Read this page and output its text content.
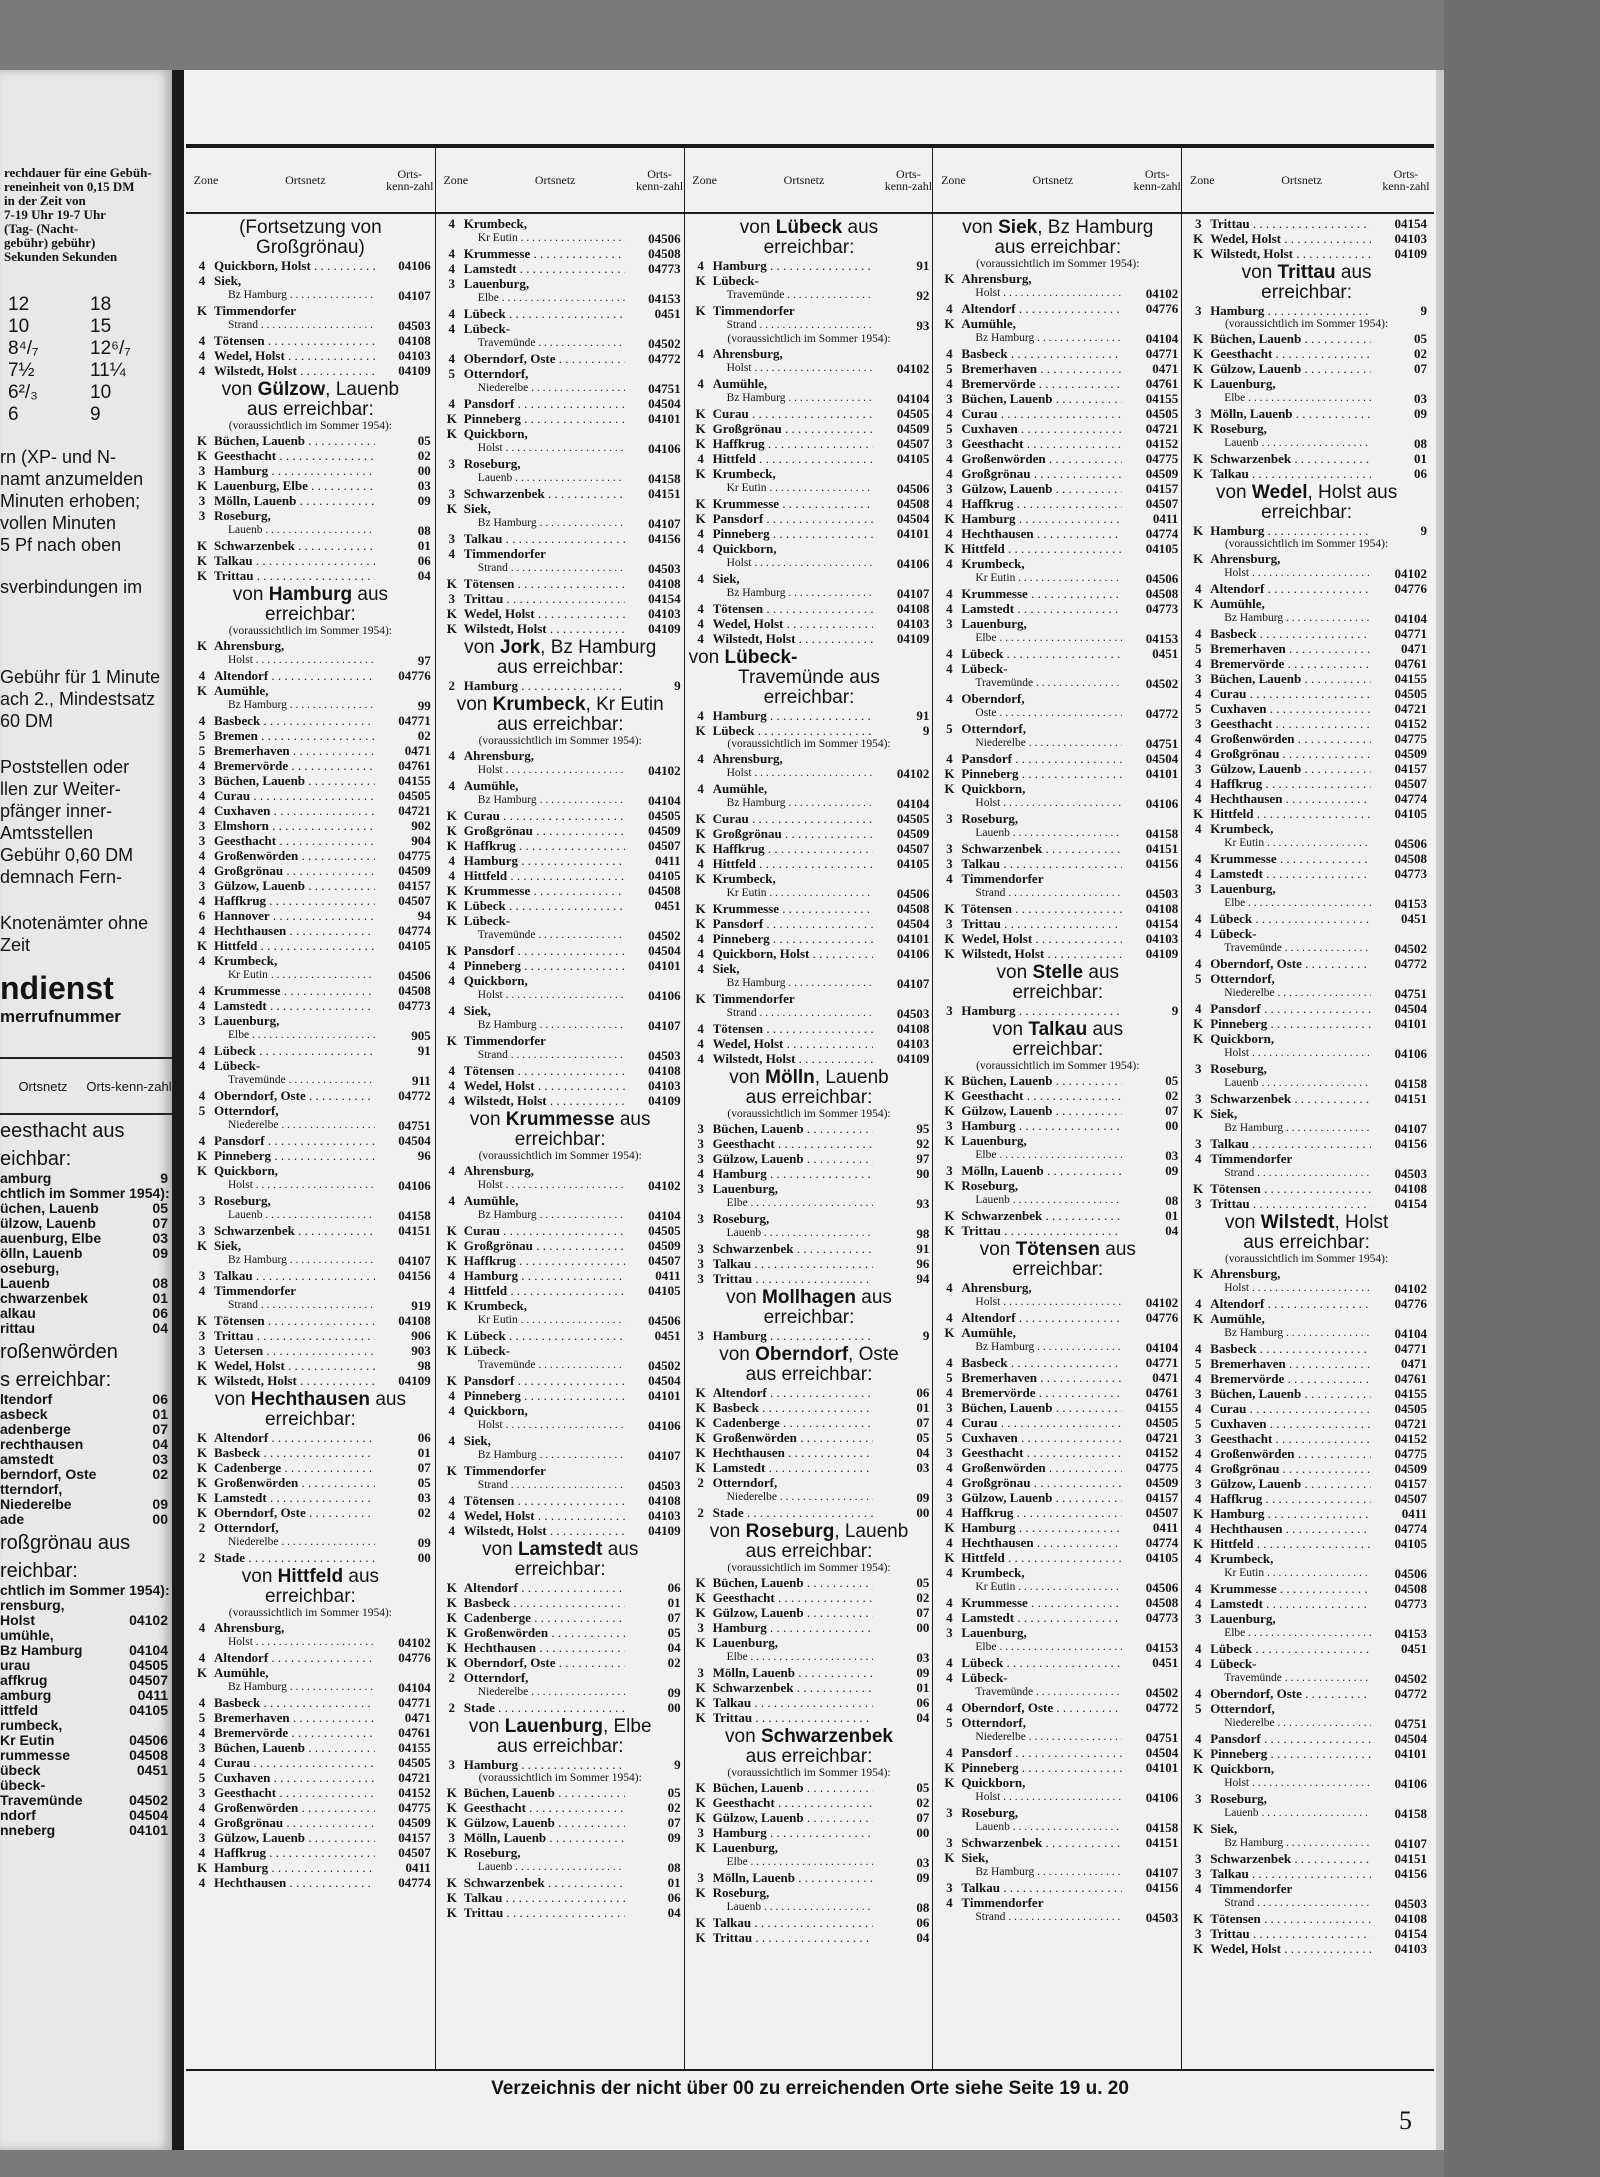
rechdauer für eine Gebüh-
reneinheit von 0,15 DM
in der Zeit von
7-19 Uhr 19-7 Uhr
(Tag- (Nacht-
gebühr) gebühr)
Sekunden Sekunden
12	18
10	15
8⁴/₇	12⁶/₇
7½	11¼
6²/₃	10
6	9
rn (XP- und N-
namt anzumelden
Minuten erhoben;
vollen Minuten
5 Pf nach oben
sverbindungen im
Gebühr für 1 Minute
ach 2., Mindestsatz
60 DM
Poststellen oder
llen zur Weiter-
pfänger inner-
Amtsstellen
Gebühr 0,60 DM
demnach Fern-
Knotenämter ohne
Zeit
ndienst
merrufnummer
Ortsnetz	Orts-kenn-zahl
eesthacht aus
eichbar:
amburg	9
chtlich im Sommer 1954):
üchen, Lauenb	05
ülzow, Lauenb	07
auenburg, Elbe	03
ölln, Lauenb	09
oseburg,
Lauenb	08
chwarzenbek	01
alkau	06
rittau	04
roßenwörden
s erreichbar:
ltendorf	06
asbeck	01
adenberge	07
rechthausen	04
amstedt	03
berndorf, Oste	02
tterndorf,
Niederelbe	09
ade	00
roßgrönau aus
reichbar:
chtlich im Sommer 1954):
rensburg,
Holst	04102
umühle,
Bz Hamburg	04104
urau	04505
affkrug	04507
amburg	0411
ittfeld	04105
rumbeck,
Kr Eutin	04506
rummesse	04508
übeck	0451
übeck-
Travemünde	04502
ndorf	04504
nneberg	04101
Zone	Ortsnetz	Orts-kenn-zahl
(Fortsetzung von
Großgrönau)
4 Quickborn, Holst . . .	04106
4 Siek,
Bz Hamburg . . .	04107
K Timmendorfer
Strand . . .	04503
4 Tötensen . . .	04108
4 Wedel, Holst . . .	04103
4 Wilstedt, Holst . . .	04109
von Gülzow, Lauenb
aus erreichbar:
(voraussichtlich im Sommer 1954):
K Büchen, Lauenb . . .	05
K Geesthacht . . .	02
3 Hamburg . . .	00
K Lauenburg, Elbe . . .	03
3 Mölln, Lauenb . . .	09
3 Roseburg,
Lauenb . . .	08
K Schwarzenbek . . .	01
K Talkau . . .	06
K Trittau . . .	04
von Hamburg aus
erreichbar:
(voraussichtlich im Sommer 1954):
K Ahrensburg,
Holst . . .	97
4 Altendorf . . .	04776
K Aumühle,
Bz Hamburg . . .	99
4 Basbeck . . .	04771
5 Bremen . . .	02
5 Bremerhaven . . .	0471
4 Bremervörde . . .	04761
3 Büchen, Lauenb . . .	04155
4 Curau . . .	04505
4 Cuxhaven . . .	04721
3 Elmshorn . . .	902
3 Geesthacht . . .	904
4 Großenwörden . . .	04775
4 Großgrönau . . .	04509
3 Gülzow, Lauenb . . .	04157
4 Haffkrug . . .	04507
6 Hannover . . .	94
4 Hechthausen . . .	04774
K Hittfeld . . .	04105
4 Krumbeck,
Kr Eutin . . .	04506
4 Krummesse . . .	04508
4 Lamstedt . . .	04773
3 Lauenburg,
Elbe . . .	905
4 Lübeck . . .	91
4 Lübeck-
Travemünde . . .	911
4 Oberndorf, Oste . . .	04772
5 Otterndorf,
Niederelbe . . .	04751
4 Pansdorf . . .	04504
K Pinneberg . . .	96
K Quickborn,
Holst . . .	04106
3 Roseburg,
Lauenb . . .	04158
3 Schwarzenbek . . .	04151
K Siek,
Bz Hamburg . . .	04107
3 Talkau . . .	04156
4 Timmendorfer
Strand . . .	919
K Tötensen . . .	04108
3 Trittau . . .	906
3 Uetersen . . .	903
K Wedel, Holst . . .	98
K Wilstedt, Holst . . .	04109
von Hechthausen aus
erreichbar:
K Altendorf . . .	06
K Basbeck . . .	01
K Cadenberge . . .	07
K Großenwörden . . .	05
K Lamstedt . . .	03
K Oberndorf, Oste . . .	02
2 Otterndorf,
Niederelbe . . .	09
2 Stade . . .	00
von Hittfeld aus
erreichbar:
(voraussichtlich im Sommer 1954):
4 Ahrensburg,
Holst . . .	04102
4 Altendorf . . .	04776
K Aumühle,
Bz Hamburg . . .	04104
4 Basbeck . . .	04771
5 Bremerhaven . . .	0471
4 Bremervörde . . .	04761
3 Büchen, Lauenb . . .	04155
4 Curau . . .	04505
5 Cuxhaven . . .	04721
3 Geesthacht . . .	04152
4 Großenwörden . . .	04775
4 Großgrönau . . .	04509
3 Gülzow, Lauenb . . .	04157
4 Haffkrug . . .	04507
K Hamburg . . .	0411
4 Hechthausen . . .	04774
Zone	Ortsnetz	Orts-kenn-zahl
4 Krumbeck,
Kr Eutin . . .	04506
4 Krummesse . . .	04508
4 Lamstedt . . .	04773
3 Lauenburg,
Elbe . . .	04153
4 Lübeck . . .	0451
4 Lübeck-
Travemünde . . .	04502
4 Oberndorf, Oste . . .	04772
5 Otterndorf,
Niederelbe . . .	04751
4 Pansdorf . . .	04504
K Pinneberg . . .	04101
K Quickborn,
Holst . . .	04106
3 Roseburg,
Lauenb . . .	04158
3 Schwarzenbek . . .	04151
K Siek,
Bz Hamburg . . .	04107
3 Talkau . . .	04156
4 Timmendorfer
Strand . . .	04503
K Tötensen . . .	04108
3 Trittau . . .	04154
K Wedel, Holst . . .	04103
K Wilstedt, Holst . . .	04109
von Jork, Bz Hamburg
aus erreichbar:
2 Hamburg . . .	9
von Krumbeck, Kr Eutin
aus erreichbar:
(voraussichtlich im Sommer 1954):
4 Ahrensburg,
Holst . . .	04102
4 Aumühle,
Bz Hamburg . . .	04104
K Curau . . .	04505
K Großgrönau . . .	04509
K Haffkrug . . .	04507
4 Hamburg . . .	0411
4 Hittfeld . . .	04105
K Krummesse . . .	04508
K Lübeck . . .	0451
K Lübeck-
Travemünde . . .	04502
K Pansdorf . . .	04504
4 Pinneberg . . .	04101
4 Quickborn,
Holst . . .	04106
4 Siek,
Bz Hamburg . . .	04107
K Timmendorfer
Strand . . .	04503
4 Tötensen . . .	04108
4 Wedel, Holst . . .	04103
4 Wilstedt, Holst . . .	04109
von Krummesse aus
erreichbar:
(voraussichtlich im Sommer 1954):
4 Ahrensburg,
Holst . . .	04102
4 Aumühle,
Bz Hamburg . . .	04104
K Curau . . .	04505
K Großgrönau . . .	04509
K Haffkrug . . .	04507
4 Hamburg . . .	0411
4 Hittfeld . . .	04105
K Krumbeck,
Kr Eutin . . .	04506
K Lübeck . . .	0451
K Lübeck-
Travemünde . . .	04502
K Pansdorf . . .	04504
4 Pinneberg . . .	04101
4 Quickborn,
Holst . . .	04106
4 Siek,
Bz Hamburg . . .	04107
K Timmendorfer
Strand . . .	04503
4 Tötensen . . .	04108
4 Wedel, Holst . . .	04103
4 Wilstedt, Holst . . .	04109
von Lamstedt aus
erreichbar:
K Altendorf . . .	06
K Basbeck . . .	01
K Cadenberge . . .	07
K Großenwörden . . .	05
K Hechthausen . . .	04
K Oberndorf, Oste . . .	02
2 Otterndorf,
Niederelbe . . .	09
2 Stade . . .	00
von Lauenburg, Elbe
aus erreichbar:
3 Hamburg . . .	9
(voraussichtlich im Sommer 1954):
K Büchen, Lauenb . . .	05
K Geesthacht . . .	02
K Gülzow, Lauenb . . .	07
3 Mölln, Lauenb . . .	09
K Roseburg,
Lauenb . . .	08
K Schwarzenbek . . .	01
K Talkau . . .	06
K Trittau . . .	04
Zone	Ortsnetz	Orts-kenn-zahl
von Lübeck aus
erreichbar:
4 Hamburg . . .	91
K Lübeck-
Travemünde . . .	92
K Timmendorfer
Strand . . .	93
(voraussichtlich im Sommer 1954):
4 Ahrensburg,
Holst . . .	04102
4 Aumühle,
Bz Hamburg . . .	04104
K Curau . . .	04505
K Großgrönau . . .	04509
K Haffkrug . . .	04507
4 Hittfeld . . .	04105
K Krumbeck,
Kr Eutin . . .	04506
K Krummesse . . .	04508
K Pansdorf . . .	04504
4 Pinneberg . . .	04101
4 Quickborn,
Holst . . .	04106
4 Siek,
Bz Hamburg . . .	04107
4 Tötensen . . .	04108
4 Wedel, Holst . . .	04103
4 Wilstedt, Holst . . .	04109
von Lübeck-
Travemünde aus
erreichbar:
4 Hamburg . . .	91
K Lübeck . . .	9
(voraussichtlich im Sommer 1954):
4 Ahrensburg,
Holst . . .	04102
4 Aumühle,
Bz Hamburg . . .	04104
K Curau . . .	04505
K Großgrönau . . .	04509
K Haffkrug . . .	04507
4 Hittfeld . . .	04105
K Krumbeck,
Kr Eutin . . .	04506
K Krummesse . . .	04508
K Pansdorf . . .	04504
4 Pinneberg . . .	04101
4 Quickborn, Holst . . .	04106
4 Siek,
Bz Hamburg . . .	04107
K Timmendorfer
Strand . . .	04503
4 Tötensen . . .	04108
4 Wedel, Holst . . .	04103
4 Wilstedt, Holst . . .	04109
von Mölln, Lauenb
aus erreichbar:
(voraussichtlich im Sommer 1954):
3 Büchen, Lauenb . . .	95
3 Geesthacht . . .	92
3 Gülzow, Lauenb . . .	97
4 Hamburg . . .	90
3 Lauenburg,
Elbe . . .	93
3 Roseburg,
Lauenb . . .	98
3 Schwarzenbek . . .	91
3 Talkau . . .	96
3 Trittau . . .	94
von Mollhagen aus
erreichbar:
3 Hamburg . . .	9
von Oberndorf, Oste
aus erreichbar:
K Altendorf . . .	06
K Basbeck . . .	01
K Cadenberge . . .	07
K Großenwörden . . .	05
K Hechthausen . . .	04
K Lamstedt . . .	03
2 Otterndorf,
Niederelbe . . .	09
2 Stade . . .	00
von Roseburg, Lauenb
aus erreichbar:
(voraussichtlich im Sommer 1954):
K Büchen, Lauenb . . .	05
K Geesthacht . . .	02
K Gülzow, Lauenb . . .	07
3 Hamburg . . .	00
K Lauenburg,
Elbe . . .	03
3 Mölln, Lauenb . . .	09
K Schwarzenbek . . .	01
K Talkau . . .	06
K Trittau . . .	04
von Schwarzenbek
aus erreichbar:
(voraussichtlich im Sommer 1954):
K Büchen, Lauenb . . .	05
K Geesthacht . . .	02
K Gülzow, Lauenb . . .	07
3 Hamburg . . .	00
K Lauenburg,
Elbe . . .	03
3 Mölln, Lauenb . . .	09
K Roseburg,
Lauenb . . .	08
K Talkau . . .	06
K Trittau . . .	04
Zone	Ortsnetz	Orts-kenn-zahl
von Siek, Bz Hamburg
aus erreichbar:
(voraussichtlich im Sommer 1954):
K Ahrensburg,
Holst . . .	04102
4 Altendorf . . .	04776
K Aumühle,
Bz Hamburg . . .	04104
4 Basbeck . . .	04771
5 Bremerhaven . . .	0471
4 Bremervörde . . .	04761
3 Büchen, Lauenb . . .	04155
4 Curau . . .	04505
5 Cuxhaven . . .	04721
3 Geesthacht . . .	04152
4 Großenwörden . . .	04775
4 Großgrönau . . .	04509
3 Gülzow, Lauenb . . .	04157
4 Haffkrug . . .	04507
K Hamburg . . .	0411
4 Hechthausen . . .	04774
K Hittfeld . . .	04105
4 Krumbeck,
Kr Eutin . . .	04506
4 Krummesse . . .	04508
4 Lamstedt . . .	04773
3 Lauenburg,
Elbe . . .	04153
4 Lübeck . . .	0451
4 Lübeck-
Travemünde . . .	04502
4 Oberndorf,
Oste . . .	04772
5 Otterndorf,
Niederelbe . . .	04751
4 Pansdorf . . .	04504
K Pinneberg . . .	04101
K Quickborn,
Holst . . .	04106
3 Roseburg,
Lauenb . . .	04158
3 Schwarzenbek . . .	04151
3 Talkau . . .	04156
4 Timmendorfer
Strand . . .	04503
K Tötensen . . .	04108
3 Trittau . . .	04154
K Wedel, Holst . . .	04103
K Wilstedt, Holst . . .	04109
von Stelle aus
erreichbar:
3 Hamburg . . .	9
von Talkau aus
erreichbar:
(voraussichtlich im Sommer 1954):
K Büchen, Lauenb . . .	05
K Geesthacht . . .	02
K Gülzow, Lauenb . . .	07
3 Hamburg . . .	00
K Lauenburg,
Elbe . . .	03
3 Mölln, Lauenb . . .	09
K Roseburg,
Lauenb . . .	08
K Schwarzenbek . . .	01
K Trittau . . .	04
von Tötensen aus
erreichbar:
4 Ahrensburg,
Holst . . .	04102
4 Altendorf . . .	04776
K Aumühle,
Bz Hamburg . . .	04104
4 Basbeck . . .	04771
5 Bremerhaven . . .	0471
4 Bremervörde . . .	04761
3 Büchen, Lauenb . . .	04155
4 Curau . . .	04505
5 Cuxhaven . . .	04721
3 Geesthacht . . .	04152
4 Großenwörden . . .	04775
4 Großgrönau . . .	04509
3 Gülzow, Lauenb . . .	04157
4 Haffkrug . . .	04507
K Hamburg . . .	0411
4 Hechthausen . . .	04774
K Hittfeld . . .	04105
4 Krumbeck,
Kr Eutin . . .	04506
4 Krummesse . . .	04508
4 Lamstedt . . .	04773
3 Lauenburg,
Elbe . . .	04153
4 Lübeck . . .	0451
4 Lübeck-
Travemünde . . .	04502
4 Oberndorf, Oste . . .	04772
5 Otterndorf,
Niederelbe . . .	04751
4 Pansdorf . . .	04504
K Pinneberg . . .	04101
K Quickborn,
Holst . . .	04106
3 Roseburg,
Lauenb . . .	04158
3 Schwarzenbek . . .	04151
K Siek,
Bz Hamburg . . .	04107
3 Talkau . . .	04156
4 Timmendorfer
Strand . . .	04503
Zone	Ortsnetz	Orts-kenn-zahl
3 Trittau . . .	04154
K Wedel, Holst . . .	04103
K Wilstedt, Holst . . .	04109
von Trittau aus
erreichbar:
3 Hamburg . . .	9
(voraussichtlich im Sommer 1954):
K Büchen, Lauenb . . .	05
K Geesthacht . . .	02
K Gülzow, Lauenb . . .	07
K Lauenburg,
Elbe . . .	03
3 Mölln, Lauenb . . .	09
K Roseburg,
Lauenb . . .	08
K Schwarzenbek . . .	01
K Talkau . . .	06
von Wedel, Holst aus
erreichbar:
K Hamburg . . .	9
(voraussichtlich im Sommer 1954):
K Ahrensburg,
Holst . . .	04102
4 Altendorf . . .	04776
K Aumühle,
Bz Hamburg . . .	04104
4 Basbeck . . .	04771
5 Bremerhaven . . .	0471
4 Bremervörde . . .	04761
3 Büchen, Lauenb . . .	04155
4 Curau . . .	04505
5 Cuxhaven . . .	04721
3 Geesthacht . . .	04152
4 Großenwörden . . .	04775
4 Großgrönau . . .	04509
3 Gülzow, Lauenb . . .	04157
4 Haffkrug . . .	04507
4 Hechthausen . . .	04774
K Hittfeld . . .	04105
4 Krumbeck,
Kr Eutin . . .	04506
4 Krummesse . . .	04508
4 Lamstedt . . .	04773
3 Lauenburg,
Elbe . . .	04153
4 Lübeck . . .	0451
4 Lübeck-
Travemünde . . .	04502
4 Oberndorf, Oste . . .	04772
5 Otterndorf,
Niederelbe . . .	04751
4 Pansdorf . . .	04504
K Pinneberg . . .	04101
K Quickborn,
Holst . . .	04106
3 Roseburg,
Lauenb . . .	04158
3 Schwarzenbek . . .	04151
K Siek,
Bz Hamburg . . .	04107
3 Talkau . . .	04156
4 Timmendorfer
Strand . . .	04503
K Tötensen . . .	04108
3 Trittau . . .	04154
von Wilstedt, Holst
aus erreichbar:
(voraussichtlich im Sommer 1954):
K Ahrensburg,
Holst . . .	04102
4 Altendorf . . .	04776
K Aumühle,
Bz Hamburg . . .	04104
4 Basbeck . . .	04771
5 Bremerhaven . . .	0471
4 Bremervörde . . .	04761
3 Büchen, Lauenb . . .	04155
4 Curau . . .	04505
5 Cuxhaven . . .	04721
3 Geesthacht . . .	04152
4 Großenwörden . . .	04775
4 Großgrönau . . .	04509
3 Gülzow, Lauenb . . .	04157
4 Haffkrug . . .	04507
K Hamburg . . .	0411
4 Hechthausen . . .	04774
K Hittfeld . . .	04105
4 Krumbeck,
Kr Eutin . . .	04506
4 Krummesse . . .	04508
4 Lamstedt . . .	04773
3 Lauenburg,
Elbe . . .	04153
4 Lübeck . . .	0451
4 Lübeck-
Travemünde . . .	04502
4 Oberndorf, Oste . . .	04772
5 Otterndorf,
Niederelbe . . .	04751
4 Pansdorf . . .	04504
K Pinneberg . . .	04101
K Quickborn,
Holst . . .	04106
3 Roseburg,
Lauenb . . .	04158
K Siek,
Bz Hamburg . . .	04107
3 Schwarzenbek . . .	04151
3 Talkau . . .	04156
4 Timmendorfer
Strand . . .	04503
K Tötensen . . .	04108
3 Trittau . . .	04154
K Wedel, Holst . . .	04103
Verzeichnis der nicht über 00 zu erreichenden Orte siehe Seite 19 u. 20
5
